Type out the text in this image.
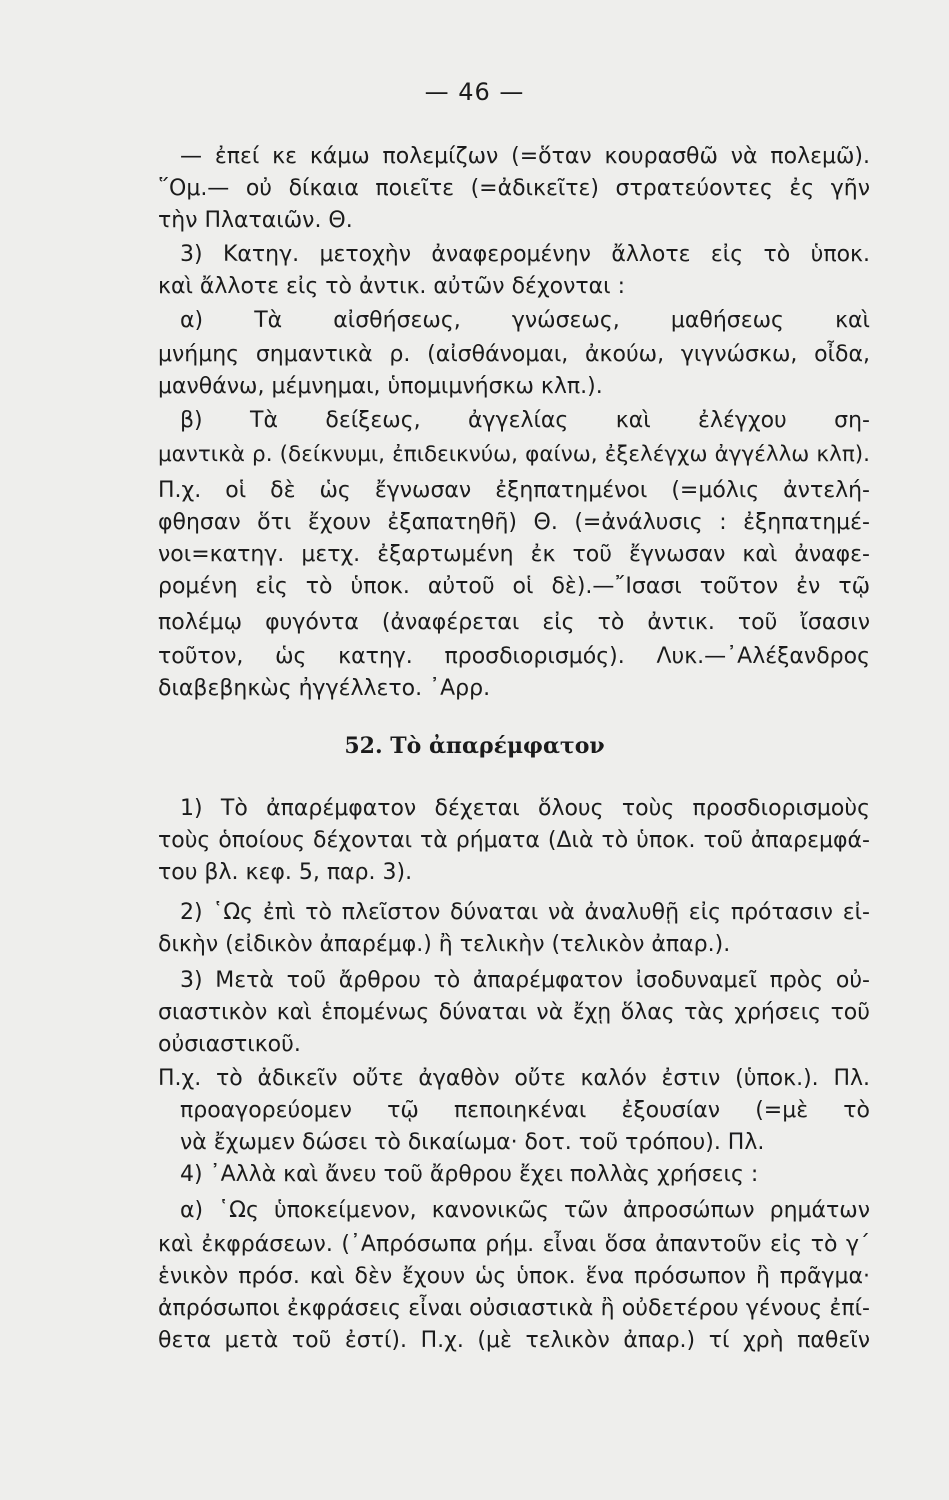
— 46 —
— ἐπεί κε κάμω πολεμίζων (=ὅταν κουρασθῶ νὰ πολεμῶ).
῞Ομ.— οὐ δίκαια ποιεῖτε (=ἀδικεῖτε) στρατεύοντες ἐς γῆν
τὴν Πλαταιῶν. Θ.
3) Κατηγ. μετοχὴν ἀναφερομένην ἄλλοτε εἰς τὸ ὑποκ.
καὶ ἄλλοτε εἰς τὸ ἀντικ. αὐτῶν δέχονται :
α) Τὰ αἰσθήσεως, γνώσεως, μαθήσεως καὶ
μνήμης σημαντικὰ ρ. (αἰσθάνομαι, ἀκούω, γιγνώσκω, οἶδα,
μανθάνω, μέμνημαι, ὑπομιμνήσκω κλπ.).
β) Τὰ δείξεως, ἀγγελίας καὶ ἐλέγχου ση-
μαντικὰ ρ. (δείκνυμι, ἐπιδεικνύω, φαίνω, ἐξελέγχω ἀγγέλλω κλπ).
Π.χ. οἱ δὲ ὡς ἔγνωσαν ἐξηπατημένοι (=μόλις ἀντελή-
φθησαν ὅτι ἔχουν ἐξαπατηθῆ) Θ. (=ἀνάλυσις : ἐξηπατημέ-
νοι=κατηγ. μετχ. ἐξαρτωμένη ἐκ τοῦ ἔγνωσαν καὶ ἀναφε-
ρομένη εἰς τὸ ὑποκ. αὐτοῦ οἱ δὲ).—῎Ισασι τοῦτον ἐν τῷ
πολέμῳ φυγόντα (ἀναφέρεται εἰς τὸ ἀντικ. τοῦ ἴσασιν
τοῦτον, ὡς κατηγ. προσδιορισμός). Λυκ.—᾿Αλέξανδρος
διαβεβηκὼς ἠγγέλλετο. ᾿Αρρ.
52. Τὸ ἀπαρέμφατον
1) Τὸ ἀπαρέμφατον δέχεται ὅλους τοὺς προσδιορισμοὺς
τοὺς ὁποίους δέχονται τὰ ρήματα (Διὰ τὸ ὑποκ. τοῦ ἀπαρεμφά-
του βλ. κεφ. 5, παρ. 3).
2) ῾Ως ἐπὶ τὸ πλεῖστον δύναται νὰ ἀναλυθῇ εἰς πρότασιν εἰ-
δικὴν (εἰδικὸν ἀπαρέμφ.) ἢ τελικὴν (τελικὸν ἀπαρ.).
3) Μετὰ τοῦ ἄρθρου τὸ ἀπαρέμφατον ἰσοδυναμεῖ πρὸς οὐ-
σιαστικὸν καὶ ἑπομένως δύναται νὰ ἔχῃ ὅλας τὰς χρήσεις τοῦ
οὐσιαστικοῦ.
Π.χ. τὸ ἀδικεῖν οὔτε ἀγαθὸν οὔτε καλόν ἐστιν (ὑποκ.). Πλ.
προαγορεύομεν τῷ πεποιηκέναι ἐξουσίαν (=μὲ τὸ
νὰ ἔχωμεν δώσει τὸ δικαίωμα· δοτ. τοῦ τρόπου). Πλ.
4) ᾿Αλλὰ καὶ ἄνευ τοῦ ἄρθρου ἔχει πολλὰς χρήσεις :
α) ῾Ως ὑποκείμενον, κανονικῶς τῶν ἀπροσώπων ρημάτων
καὶ ἐκφράσεων. (᾿Απρόσωπα ρήμ. εἶναι ὅσα ἀπαντοῦν εἰς τὸ γ´
ἑνικὸν πρόσ. καὶ δὲν ἔχουν ὡς ὑποκ. ἕνα πρόσωπον ἢ πρᾶγμα·
ἀπρόσωποι ἐκφράσεις εἶναι οὐσιαστικὰ ἢ οὐδετέρου γένους ἐπί-
θετα μετὰ τοῦ ἐστί). Π.χ. (μὲ τελικὸν ἀπαρ.) τί χρὴ παθεῖν
